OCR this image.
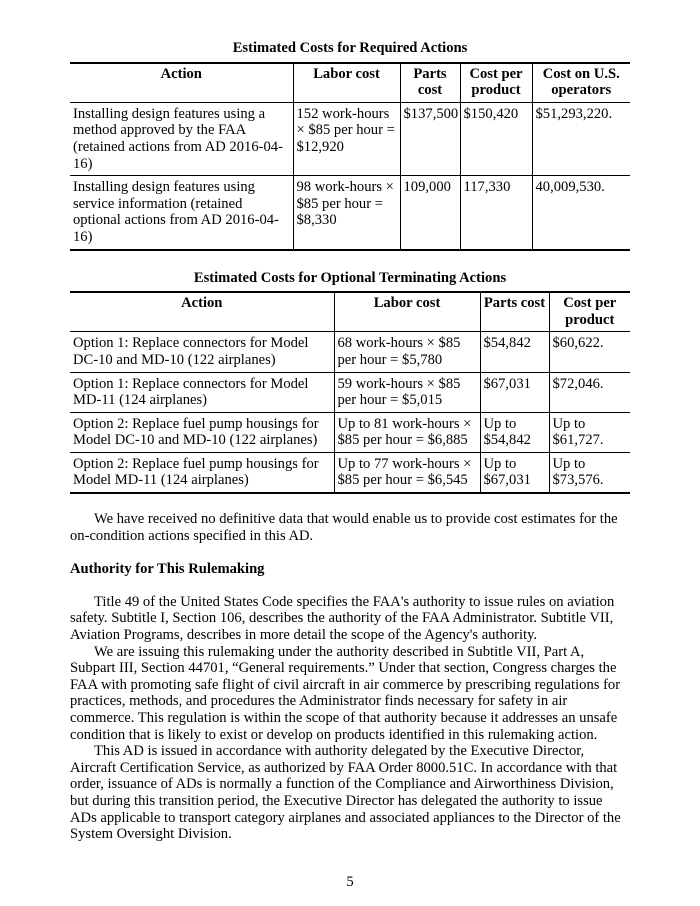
Estimated Costs for Required Actions
Action	Labor cost	Parts cost	Cost per product	Cost on U.S. operators
Installing design features using a method approved by the FAA (retained actions from AD 2016-04-16)	152 work-hours × $85 per hour = $12,920	$137,500	$150,420	$51,293,220.
Installing design features using service information (retained optional actions from AD 2016-04-16)	98 work-hours × $85 per hour = $8,330	109,000	117,330	40,009,530.
Estimated Costs for Optional Terminating Actions
Action	Labor cost	Parts cost	Cost per product
Option 1: Replace connectors for Model DC-10 and MD-10 (122 airplanes)	68 work-hours × $85 per hour = $5,780	$54,842	$60,622.
Option 1: Replace connectors for Model MD-11 (124 airplanes)	59 work-hours × $85 per hour = $5,015	$67,031	$72,046.
Option 2: Replace fuel pump housings for Model DC-10 and MD-10 (122 airplanes)	Up to 81 work-hours × $85 per hour = $6,885	Up to $54,842	Up to $61,727.
Option 2: Replace fuel pump housings for Model MD-11 (124 airplanes)	Up to 77 work-hours × $85 per hour = $6,545	Up to $67,031	Up to $73,576.

We have received no definitive data that would enable us to provide cost estimates for the on-condition actions specified in this AD.

Authority for This Rulemaking

Title 49 of the United States Code specifies the FAA's authority to issue rules on aviation safety. Subtitle I, Section 106, describes the authority of the FAA Administrator. Subtitle VII, Aviation Programs, describes in more detail the scope of the Agency's authority.

We are issuing this rulemaking under the authority described in Subtitle VII, Part A, Subpart III, Section 44701, “General requirements.” Under that section, Congress charges the FAA with promoting safe flight of civil aircraft in air commerce by prescribing regulations for practices, methods, and procedures the Administrator finds necessary for safety in air commerce. This regulation is within the scope of that authority because it addresses an unsafe condition that is likely to exist or develop on products identified in this rulemaking action.

This AD is issued in accordance with authority delegated by the Executive Director, Aircraft Certification Service, as authorized by FAA Order 8000.51C. In accordance with that order, issuance of ADs is normally a function of the Compliance and Airworthiness Division, but during this transition period, the Executive Director has delegated the authority to issue ADs applicable to transport category airplanes and associated appliances to the Director of the System Oversight Division.

5
